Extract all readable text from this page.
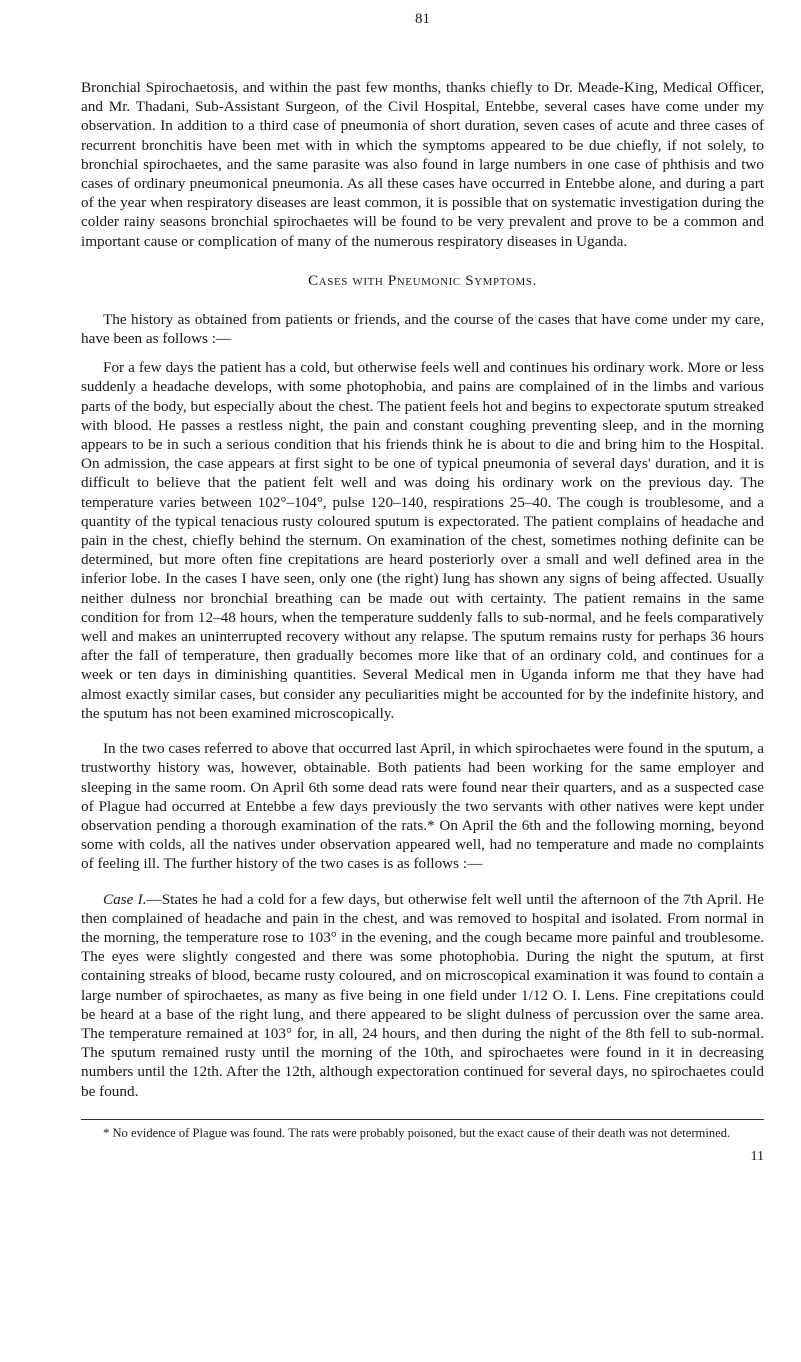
81

Bronchial Spirochaetosis, and within the past few months, thanks chiefly to Dr. Meade-King, Medical Officer, and Mr. Thadani, Sub-Assistant Surgeon, of the Civil Hospital, Entebbe, several cases have come under my observation. In addition to a third case of pneumonia of short duration, seven cases of acute and three cases of recurrent bronchitis have been met with in which the symptoms appeared to be due chiefly, if not solely, to bronchial spirochaetes, and the same parasite was also found in large numbers in one case of phthisis and two cases of ordinary pneumonical pneumonia. As all these cases have occurred in Entebbe alone, and during a part of the year when respiratory diseases are least common, it is possible that on systematic investigation during the colder rainy seasons bronchial spirochaetes will be found to be very prevalent and prove to be a common and important cause or complication of many of the numerous respiratory diseases in Uganda.

Cases with Pneumonic Symptoms.

The history as obtained from patients or friends, and the course of the cases that have come under my care, have been as follows :—

For a few days the patient has a cold, but otherwise feels well and continues his ordinary work. More or less suddenly a headache develops, with some photophobia, and pains are complained of in the limbs and various parts of the body, but especially about the chest. The patient feels hot and begins to expectorate sputum streaked with blood. He passes a restless night, the pain and constant coughing preventing sleep, and in the morning appears to be in such a serious condition that his friends think he is about to die and bring him to the Hospital. On admission, the case appears at first sight to be one of typical pneumonia of several days' duration, and it is difficult to believe that the patient felt well and was doing his ordinary work on the previous day. The temperature varies between 102°–104°, pulse 120–140, respirations 25–40. The cough is troublesome, and a quantity of the typical tenacious rusty coloured sputum is expectorated. The patient complains of headache and pain in the chest, chiefly behind the sternum. On examination of the chest, sometimes nothing definite can be determined, but more often fine crepitations are heard posteriorly over a small and well defined area in the inferior lobe. In the cases I have seen, only one (the right) lung has shown any signs of being affected. Usually neither dulness nor bronchial breathing can be made out with certainty. The patient remains in the same condition for from 12–48 hours, when the temperature suddenly falls to sub-normal, and he feels comparatively well and makes an uninterrupted recovery without any relapse. The sputum remains rusty for perhaps 36 hours after the fall of temperature, then gradually becomes more like that of an ordinary cold, and continues for a week or ten days in diminishing quantities. Several Medical men in Uganda inform me that they have had almost exactly similar cases, but consider any peculiarities might be accounted for by the indefinite history, and the sputum has not been examined microscopically.

In the two cases referred to above that occurred last April, in which spirochaetes were found in the sputum, a trustworthy history was, however, obtainable. Both patients had been working for the same employer and sleeping in the same room. On April 6th some dead rats were found near their quarters, and as a suspected case of Plague had occurred at Entebbe a few days previously the two servants with other natives were kept under observation pending a thorough examination of the rats.* On April the 6th and the following morning, beyond some with colds, all the natives under observation appeared well, had no temperature and made no complaints of feeling ill. The further history of the two cases is as follows :—

Case I.—States he had a cold for a few days, but otherwise felt well until the afternoon of the 7th April. He then complained of headache and pain in the chest, and was removed to hospital and isolated. From normal in the morning, the temperature rose to 103° in the evening, and the cough became more painful and troublesome. The eyes were slightly congested and there was some photophobia. During the night the sputum, at first containing streaks of blood, became rusty coloured, and on microscopical examination it was found to contain a large number of spirochaetes, as many as five being in one field under 1/12 O. I. Lens. Fine crepitations could be heard at a base of the right lung, and there appeared to be slight dulness of percussion over the same area. The temperature remained at 103° for, in all, 24 hours, and then during the night of the 8th fell to sub-normal. The sputum remained rusty until the morning of the 10th, and spirochaetes were found in it in decreasing numbers until the 12th. After the 12th, although expectoration continued for several days, no spirochaetes could be found.

* No evidence of Plague was found. The rats were probably poisoned, but the exact cause of their death was not determined.

11
